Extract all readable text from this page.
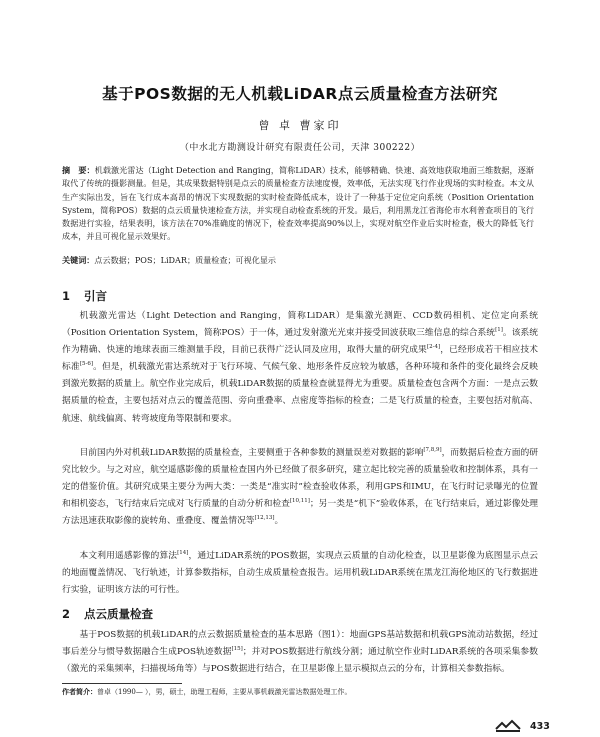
基于POS数据的无人机载LiDAR点云质量检查方法研究
曾 卓 曹家印
（中水北方勘测设计研究有限责任公司，天津 300222）
摘　要：机载激光雷达（Light Detection and Ranging，简称LiDAR）技术，能够精确、快速、高效地获取地面三维数据，逐渐取代了传统的摄影测量。但是，其成果数据特别是点云的质量检查方法速度慢，效率低，无法实现飞行作业现场的实时检查。本文从生产实际出发，旨在飞行成本高昂的情况下实现数据的实时检查降低成本，设计了一种基于定位定向系统（Position Orientation System，简称POS）数据的点云质量快速检查方法，并实现自动检查系统的开发。最后，利用黑龙江省海伦市水利普查项目的飞行数据进行实验，结果表明，该方法在70%准确度的情况下，检查效率提高90%以上，实现对航空作业后实时检查，极大的降低飞行成本，并且可视化显示效果好。
关键词：点云数据；POS；LiDAR；质量检查；可视化显示
1 引言
机载激光雷达（Light Detection and Ranging，简称LiDAR）是集激光测距、CCD数码相机、定位定向系统（Position Orientation System，简称POS）于一体，通过发射激光光束并接受回波获取三维信息的综合系统[1]。该系统作为精确、快速的地球表面三维测量手段，目前已获得广泛认同及应用，取得大量的研究成果[2-4]，已经形成若干相应技术标准[5-6]。但是，机载激光雷达系统对于飞行环境、气候气象、地形条件反应较为敏感，各种环境和条件的变化最终会反映到激光数据的质量上。航空作业完成后，机载LiDAR数据的质量检查就显得尤为重要。质量检查包含两个方面：一是点云数据质量的检查，主要包括对点云的覆盖范围、旁向重叠率、点密度等指标的检查；二是飞行质量的检查，主要包括对航高、航速、航线偏离、转弯坡度角等限制和要求。
目前国内外对机载LiDAR数据的质量检查，主要侧重于各种参数的测量误差对数据的影响[7,8,9]，而数据后检查方面的研究比较少。与之对应，航空遥感影像的质量检查国内外已经做了很多研究，建立起比较完善的质量验收和控制体系，具有一定的借鉴价值。其研究成果主要分为两大类：一类是“准实时”检查验收体系，利用GPS和IMU，在飞行时记录曝光的位置和相机姿态，飞行结束后完成对飞行质量的自动分析和检查[10,11]；另一类是“机下”验收体系，在飞行结束后，通过影像处理方法迅速获取影像的旋转角、重叠度、覆盖情况等[12,13]。
本文利用遥感影像的算法[14]，通过LiDAR系统的POS数据，实现点云质量的自动化检查，以卫星影像为底图显示点云的地面覆盖情况、飞行轨迹，计算参数指标，自动生成质量检查报告。运用机载LiDAR系统在黑龙江海伦地区的飞行数据进行实验，证明该方法的可行性。
2 点云质量检查
基于POS数据的机载LiDAR的点云数据质量检查的基本思路（图1）：地面GPS基站数据和机载GPS流动站数据，经过事后差分与惯导数据融合生成POS轨迹数据[15]；并对POS数据进行航线分割；通过航空作业时LiDAR系统的各项采集参数（激光的采集频率，扫描视场角等）与POS数据进行结合，在卫星影像上显示模拟点云的分布，计算相关参数指标。
作者简介：曾卓（1990— ），男，硕士，助理工程师，主要从事机载激光雷达数据处理工作。
433
